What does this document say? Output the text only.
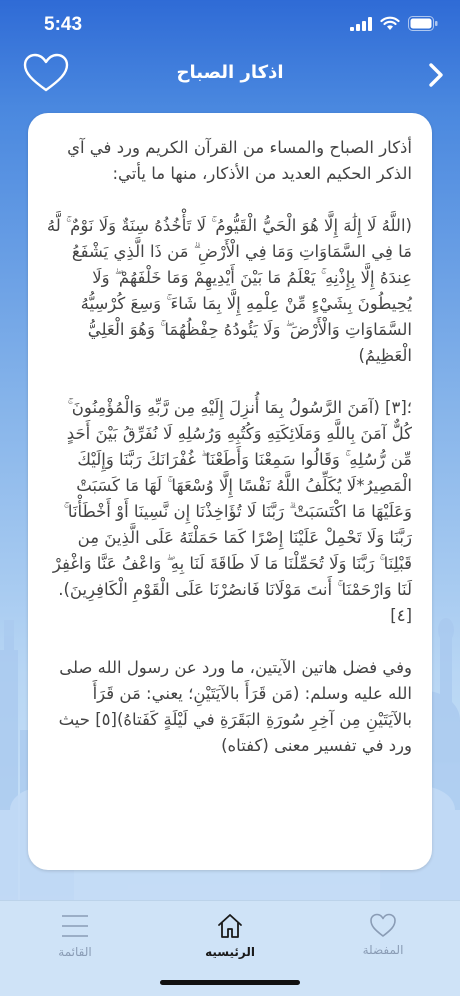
5:43
اذكار الصباح

أذكار الصباح والمساء من القرآن الكريم ورد في آي الذكر الحكيم العديد من الأذكار، منها ما يأتي:

(اللَّهُ لَا إِلَٰهَ إِلَّا هُوَ الْحَيُّ الْقَيُّومُ ۚ لَا تَأْخُذُهُ سِنَةٌ وَلَا نَوْمٌ ۚ لَّهُ مَا فِي السَّمَاوَاتِ وَمَا فِي الْأَرْضِ ۗ مَن ذَا الَّذِي يَشْفَعُ عِندَهُ إِلَّا بِإِذْنِهِ ۚ يَعْلَمُ مَا بَيْنَ أَيْدِيهِمْ وَمَا خَلْفَهُمْ ۖ وَلَا يُحِيطُونَ بِشَيْءٍ مِّنْ عِلْمِهِ إِلَّا بِمَا شَاءَ ۚ وَسِعَ كُرْسِيُّهُ السَّمَاوَاتِ وَالْأَرْضَ ۖ وَلَا يَئُودُهُ حِفْظُهُمَا ۚ وَهُوَ الْعَلِيُّ الْعَظِيمُ)

؛[٣] (آمَنَ الرَّسُولُ بِمَا أُنزِلَ إِلَيْهِ مِن رَّبِّهِ وَالْمُؤْمِنُونَ ۚ كُلٌّ آمَنَ بِاللَّهِ وَمَلَائِكَتِهِ وَكُتُبِهِ وَرُسُلِهِ لَا نُفَرِّقُ بَيْنَ أَحَدٍ مِّن رُّسُلِهِ ۚ وَقَالُوا سَمِعْنَا وَأَطَعْنَا ۖ غُفْرَانَكَ رَبَّنَا وَإِلَيْكَ الْمَصِيرُ*لَا يُكَلِّفُ اللَّهُ نَفْسًا إِلَّا وُسْعَهَا ۚ لَهَا مَا كَسَبَتْ وَعَلَيْهَا مَا اكْتَسَبَتْ ۗ رَبَّنَا لَا تُؤَاخِذْنَا إِن نَّسِينَا أَوْ أَخْطَأْنَا ۚ رَبَّنَا وَلَا تَحْمِلْ عَلَيْنَا إِصْرًا كَمَا حَمَلْتَهُ عَلَى الَّذِينَ مِن قَبْلِنَا ۚ رَبَّنَا وَلَا تُحَمِّلْنَا مَا لَا طَاقَةَ لَنَا بِهِ ۖ وَاعْفُ عَنَّا وَاغْفِرْ لَنَا وَارْحَمْنَا ۚ أَنتَ مَوْلَانَا فَانصُرْنَا عَلَى الْقَوْمِ الْكَافِرِينَ).[٤]

وفي فضل هاتين الآيتين، ما ورد عن رسول الله صلى الله عليه وسلم: (مَن قَرَأَ بالآيَتَيْنِ؛ يعني: مَن قَرَأَ بالآيَتَيْنِ مِن آخِرِ سُورَةِ البَقَرَةِ في لَيْلَةٍ كَفَتاهُ)[٥] حيث ورد في تفسير معنى (كفتاه)

القائمة	الرئيسيه	المفضلة
